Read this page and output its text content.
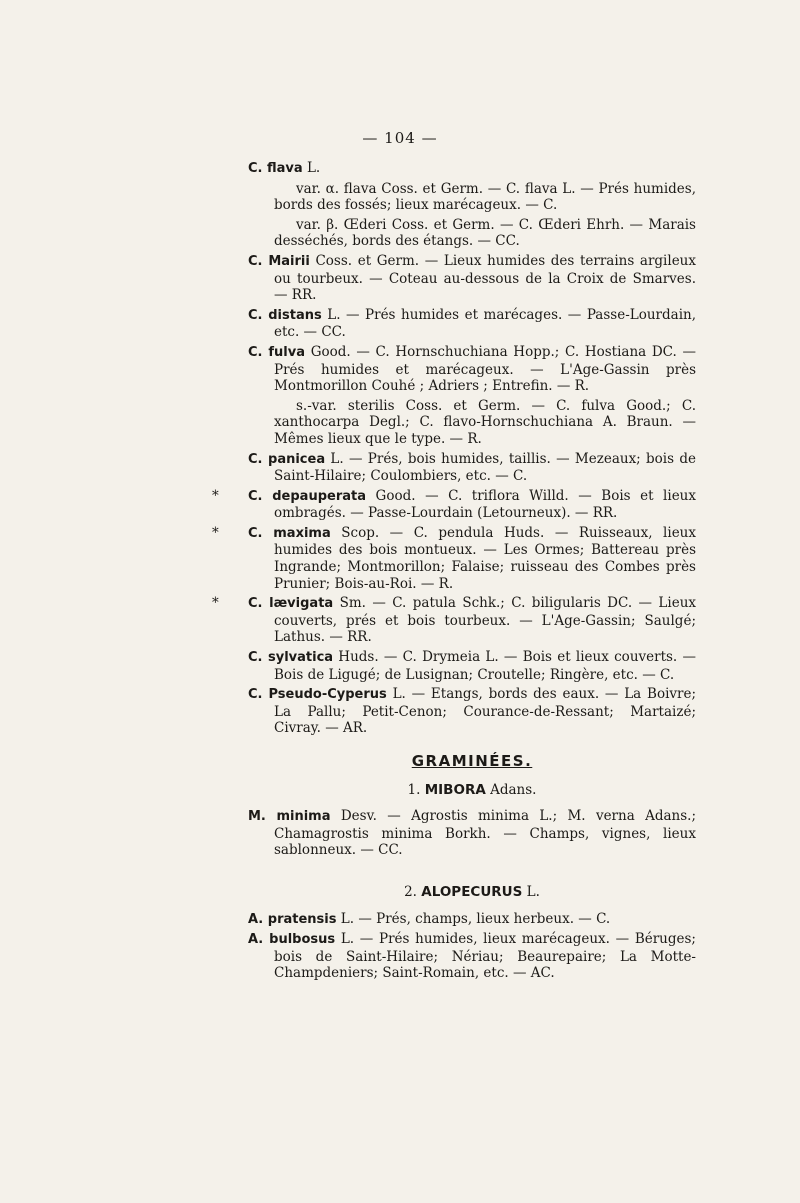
— 104 —
C. flava L.
var. α. flava Coss. et Germ. — C. flava L. — Prés humides, bords des fossés; lieux marécageux. — C.
var. β. Œderi Coss. et Germ. — C. Œderi Ehrh. — Marais desséchés, bords des étangs. — CC.
C. Mairii Coss. et Germ. — Lieux humides des terrains argileux ou tourbeux. — Coteau au-dessous de la Croix de Smarves. — RR.
C. distans L. — Prés humides et marécages. — Passe-Lourdain, etc. — CC.
C. fulva Good. — C. Hornschuchiana Hopp.; C. Hostiana DC. — Prés humides et marécageux. — L'Age-Gassin près Montmorillon Couhé ; Adriers ; Entrefin. — R.
s.-var. sterilis Coss. et Germ. — C. fulva Good.; C. xanthocarpa Degl.; C. flavo-Hornschuchiana A. Braun. — Mêmes lieux que le type. — R.
C. panicea L. — Prés, bois humides, taillis. — Mezeaux; bois de Saint-Hilaire; Coulombiers, etc. — C.
* C. depauperata Good. — C. triflora Willd. — Bois et lieux ombragés. — Passe-Lourdain (Letourneux). — RR.
* C. maxima Scop. — C. pendula Huds. — Ruisseaux, lieux humides des bois montueux. — Les Ormes; Battereau près Ingrande; Montmorillon; Falaise; ruisseau des Combes près Prunier; Bois-au-Roi. — R.
* C. lævigata Sm. — C. patula Schk.; C. biligularis DC. — Lieux couverts, prés et bois tourbeux. — L'Age-Gassin; Saulgé; Lathus. — RR.
C. sylvatica Huds. — C. Drymeia L. — Bois et lieux couverts. — Bois de Ligugé; de Lusignan; Croutelle; Ringère, etc. — C.
C. Pseudo-Cyperus L. — Etangs, bords des eaux. — La Boivre; La Pallu; Petit-Cenon; Courance-de-Ressant; Martaizé; Civray. — AR.
GRAMINÉES.
1. MIBORA Adans.
M. minima Desv. — Agrostis minima L.; M. verna Adans.; Chamagrostis minima Borkh. — Champs, vignes, lieux sablonneux. — CC.
2. ALOPECURUS L.
A. pratensis L. — Prés, champs, lieux herbeux. — C.
A. bulbosus L. — Prés humides, lieux marécageux. — Béruges; bois de Saint-Hilaire; Nériau; Beaurepaire; La Motte-Champdeniers; Saint-Romain, etc. — AC.
